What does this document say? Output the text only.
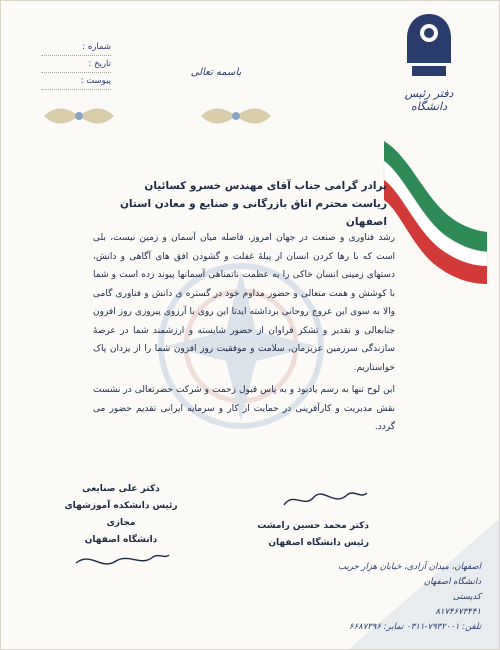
دفتر رئیس دانشگاه
شماره :
تاریخ :
پیوست :
باسمه تعالی
برادر گرامی جناب آقای مهندس خسرو کسائیان
ریاست محترم اتاق بازرگانی و صنایع و معادن استان اصفهان

رشد فناوری و صنعت در جهان امروز، فاصله میان آسمان و زمین نیست، بلی است که با رها کردن انسان از پیلهٔ غفلت و گشودن افق های آگاهی و دانش، دستهای زمینی انسان خاکی را به عظمت ناتمناهی آسمانها پیوند زده است و شما با کوشش و همت متعالی و حضور مداوم خود در گستره ی دانش و فناوری گامی والا به سوی این عروج روحانی برداشته ایدتا این روی با آرزوی پیروزی روز افزون جنابعالی و تقدیر و تشکر فراوان از حضور شایسته و ارزشمند شما در عرصهٔ سازندگی سرزمین عزیزمان، سلامت و موفقیت روز افزون شما را از یزدان پاک خواستاریم.

این لوح تنها به رسم یادبود و به پاس قبول زحمت و شرکت حضرتعالی در نشست نقش مدیریت و کارآفرینی در حمایت از کار و سرمایه ایرانی تقدیم حضور می گردد.

دکتر محمد حسین رامشت
رئیس دانشگاه اصفهان
دکتر علی صنایعی
رئیس دانشکده آموزشهای مجازی
دانشگاه اصفهان
اصفهان، میدان آزادی، خیابان هزار جریب
دانشگاه اصفهان
کدپستی
۸۱۷۴۶۷۳۴۴۱
تلفن: ۷۹۳۲۰۰۱-۰۳۱۱ نمابر: ۶۶۸۷۳۹۶
